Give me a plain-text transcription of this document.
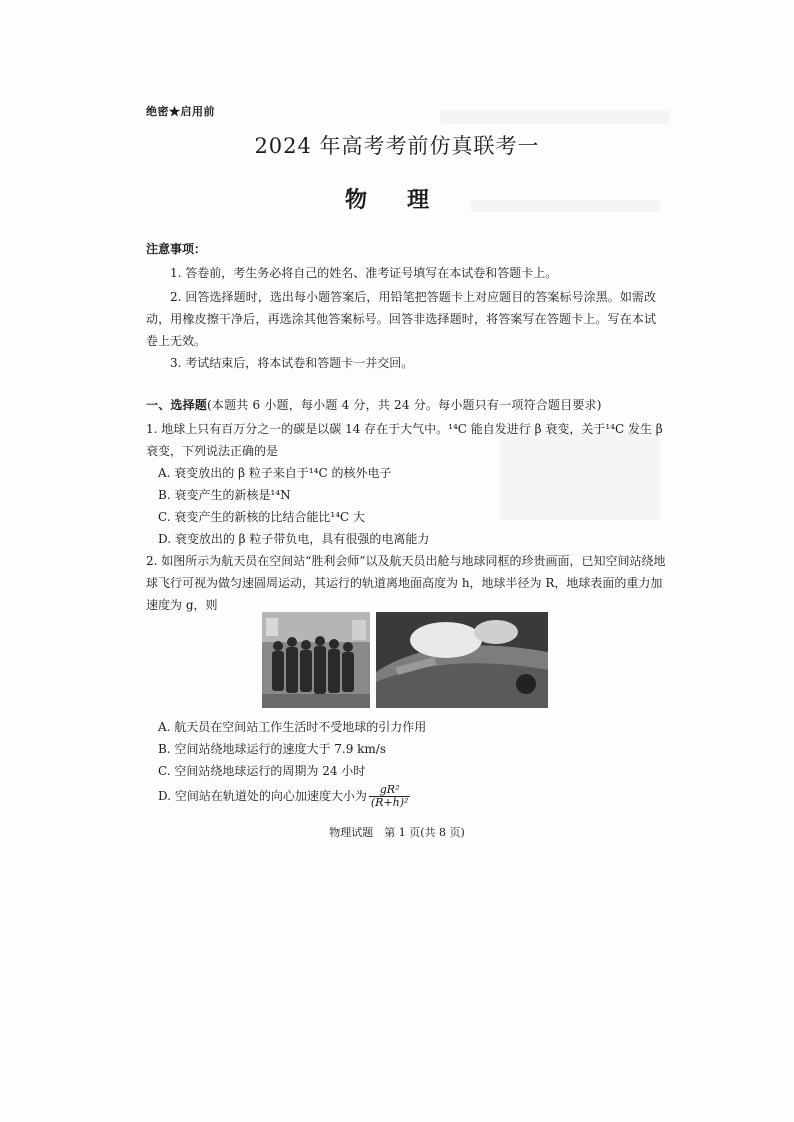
绝密★启用前
2024 年高考考前仿真联考一
物理
注意事项：
1. 答卷前，考生务必将自己的姓名、准考证号填写在本试卷和答题卡上。
2. 回答选择题时，选出每小题答案后，用铅笔把答题卡上对应题目的答案标号涂黑。如需改动，用橡皮擦干净后，再选涂其他答案标号。回答非选择题时，将答案写在答题卡上。写在本试卷上无效。
3. 考试结束后，将本试卷和答题卡一并交回。
一、选择题(本题共 6 小题，每小题 4 分，共 24 分。每小题只有一项符合题目要求)
1. 地球上只有百万分之一的碳是以碳 14 存在于大气中。¹⁴C 能自发进行 β 衰变，关于¹⁴C 发生 β 衰变，下列说法正确的是
A. 衰变放出的 β 粒子来自于¹⁴C 的核外电子
B. 衰变产生的新核是¹⁴N
C. 衰变产生的新核的比结合能比¹⁴C 大
D. 衰变放出的 β 粒子带负电，具有很强的电离能力
2. 如图所示为航天员在空间站“胜利会师”以及航天员出舱与地球同框的珍贵画面，已知空间站绕地球飞行可视为做匀速圆周运动，其运行的轨道离地面高度为 h，地球半径为 R，地球表面的重力加速度为 g，则
A. 航天员在空间站工作生活时不受地球的引力作用
B. 空间站绕地球运行的速度大于 7.9 km/s
C. 空间站绕地球运行的周期为 24 小时
D. 空间站在轨道处的向心加速度大小为 $\frac{\text{gR²}}{\text{(R+h)²}}$
物理试题　第 1 页(共 8 页)
